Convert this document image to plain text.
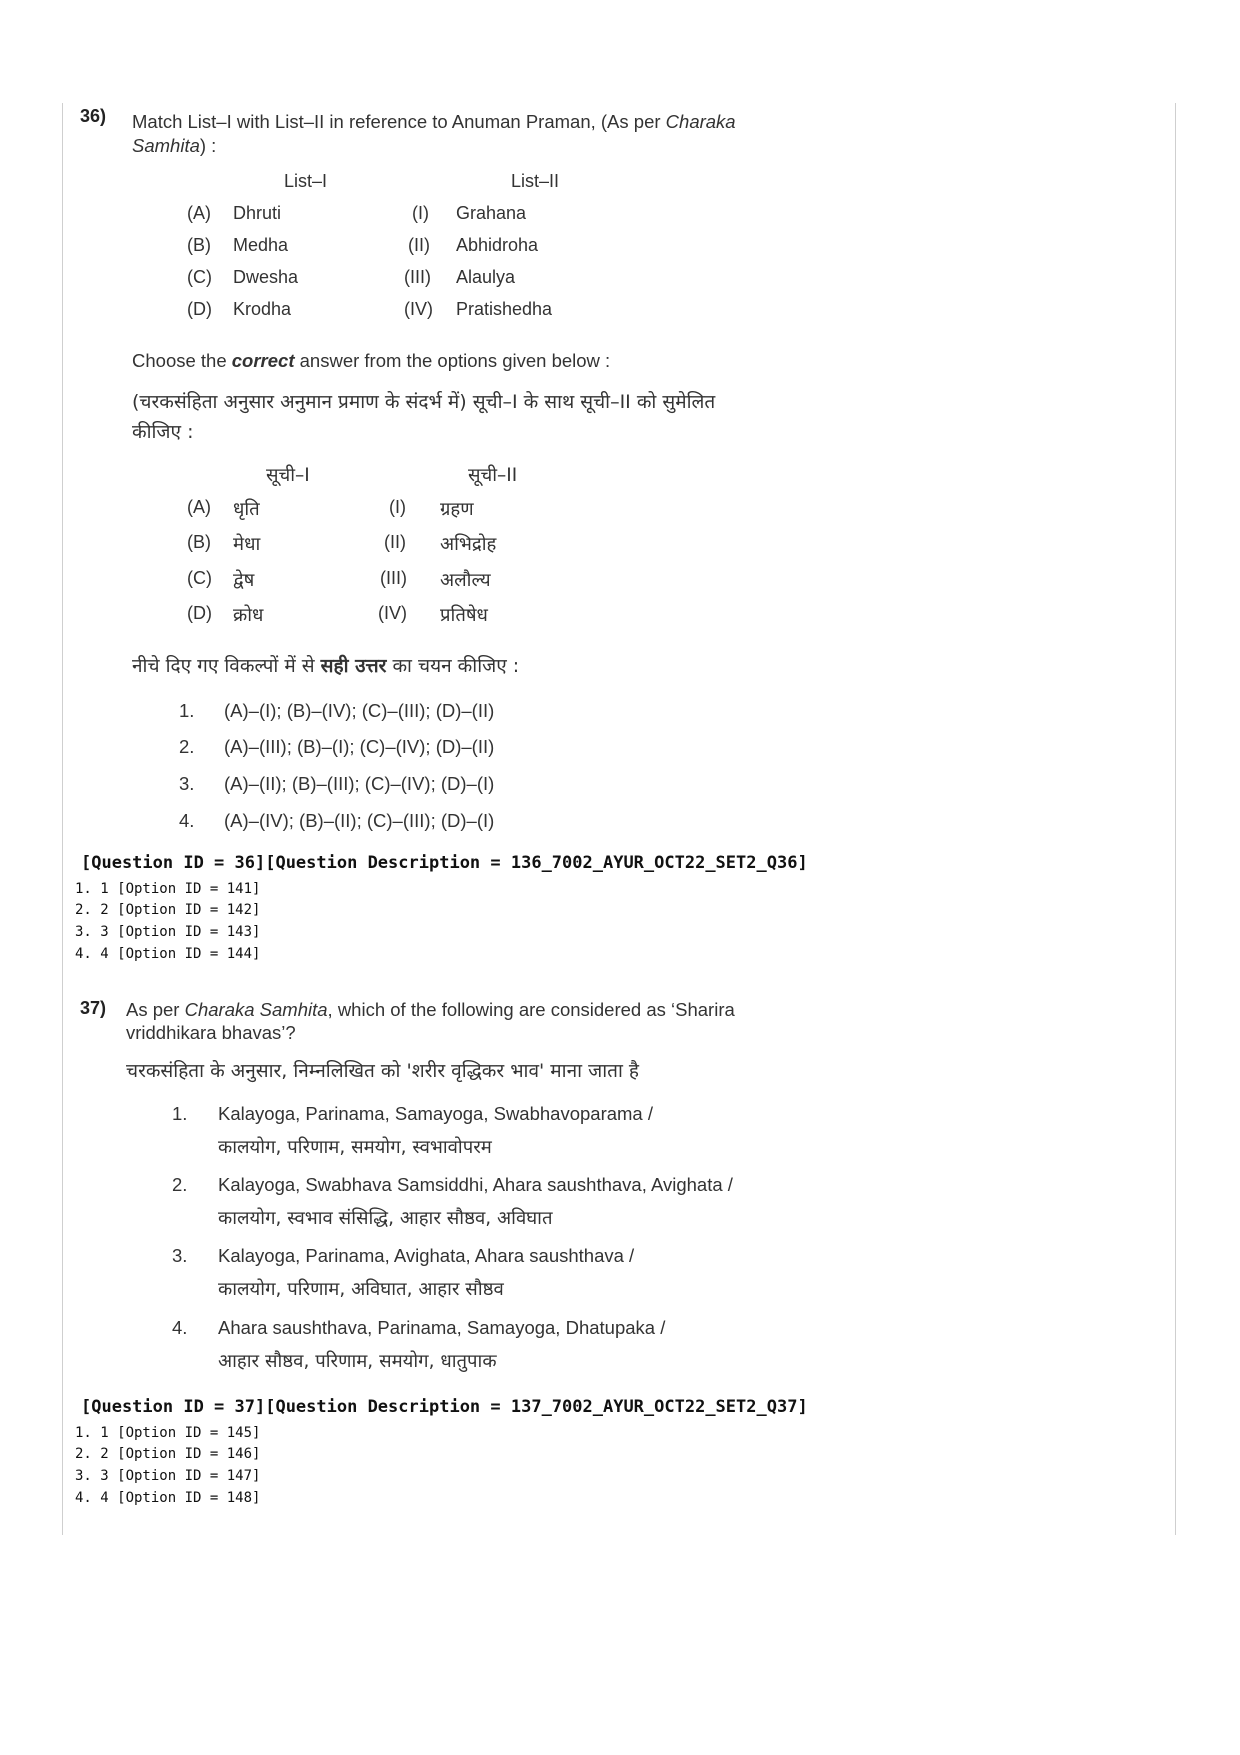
36) Match List–I with List–II in reference to Anuman Praman, (As per Charaka
Samhita) :
List–I	List–II
(A) Dhruti	(I) Grahana
(B) Medha	(II) Abhidroha
(C) Dwesha	(III) Alaulya
(D) Krodha	(IV) Pratishedha
Choose the correct answer from the options given below :
(चरकसंहिता अनुसार अनुमान प्रमाण के संदर्भ में) सूची–I के साथ सूची–II को सुमेलित
कीजिए :
सूची–I	सूची–II
(A) धृति	(I) ग्रहण
(B) मेधा	(II) अभिद्रोह
(C) द्वेष	(III) अलौल्य
(D) क्रोध	(IV) प्रतिषेध
नीचे दिए गए विकल्पों में से सही उत्तर का चयन कीजिए :
1. (A)–(I); (B)–(IV); (C)–(III); (D)–(II)
2. (A)–(III); (B)–(I); (C)–(IV); (D)–(II)
3. (A)–(II); (B)–(III); (C)–(IV); (D)–(I)
4. (A)–(IV); (B)–(II); (C)–(III); (D)–(I)
[Question ID = 36][Question Description = 136_7002_AYUR_OCT22_SET2_Q36]
1. 1 [Option ID = 141]
2. 2 [Option ID = 142]
3. 3 [Option ID = 143]
4. 4 [Option ID = 144]
37) As per Charaka Samhita, which of the following are considered as ‘Sharira
vriddhikara bhavas’?
चरकसंहिता के अनुसार, निम्नलिखित को 'शरीर वृद्धिकर भाव' माना जाता है
1. Kalayoga, Parinama, Samayoga, Swabhavoparama /
कालयोग, परिणाम, समयोग, स्वभावोपरम
2. Kalayoga, Swabhava Samsiddhi, Ahara saushthava, Avighata /
कालयोग, स्वभाव संसिद्धि, आहार सौष्ठव, अविघात
3. Kalayoga, Parinama, Avighata, Ahara saushthava /
कालयोग, परिणाम, अविघात, आहार सौष्ठव
4. Ahara saushthava, Parinama, Samayoga, Dhatupaka /
आहार सौष्ठव, परिणाम, समयोग, धातुपाक
[Question ID = 37][Question Description = 137_7002_AYUR_OCT22_SET2_Q37]
1. 1 [Option ID = 145]
2. 2 [Option ID = 146]
3. 3 [Option ID = 147]
4. 4 [Option ID = 148]
